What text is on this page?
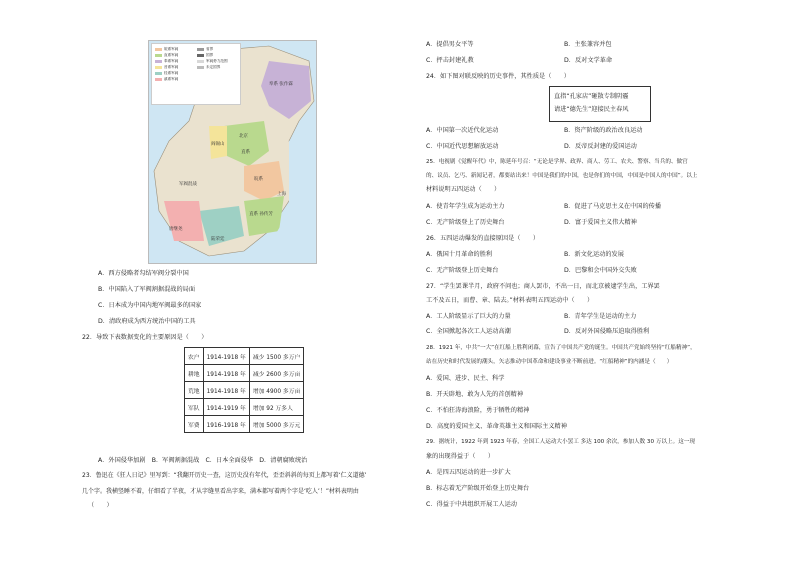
皖系军阀
直系军阀
奉系军阀
晋系军阀
桂系军阀
滇系军阀
省界
国界
军阀势力范围
未定国界
奉系 张作霖
北京
阎锡山
直系
皖系
军阀混战
直系 孙传芳
陆荣廷
上海
唐继尧
A．西方侵略者勾结军阀分裂中国
B．中国陷入了军阀割据混战的局面
C．日本成为中国内地军阀最多的国家
D．清政府成为西方统治中国的工具
22．导致下表数据变化的主要原因是（　　）
农户	1914-1918 年	减少 1500 多万户
耕地	1914-1918 年	减少 2600 多万亩
荒地	1914-1918 年	增加 4900 多万亩
军队	1914-1919 年	增加 92 万多人
军费	1916-1918 年	增加 5000 多万元
A．外国侵华加剧　B．军阀割据混战　C．日本全面侵华　D．清朝腐败统治
23．鲁迅在《狂人日记》里写到：“我翻开历史一查，这历史没有年代，歪歪斜斜的每页上都写着‘仁义道德’
几个字。我横竖睡不着，仔细看了半夜，才从字缝里看出字来，满本都写着两个字是‘吃人’！”材料表明由
（　　）
A．提倡男女平等	B．主张兼容并包
C．抨击封建礼教	D．反对文学革命
24．如下图对联反映的历史事件，其性质是（　　）
直指“孔家店”砸散专制阴霾
请进“德先生”迎接民主春风
A．中国第一次近代化运动	B．资产阶级的政治改良运动
C．中国近代思想解放运动	D．反帝反封建的爱国运动
25．电视剧《觉醒年代》中，陈延年号召：“无论是学界、政界、商人、劳工、农夫、警察、当兵的、做官
的、议员、乞丐、新闻记者，都要站出来！中国是我们的中国，也是你们的中国，中国是中国人的中国”。以上
材料说明五四运动（　　）
A．使青年学生成为运动主力	B．促进了马克思主义在中国的传播
C．无产阶级登上了历史舞台	D．富于爱国主义伟大精神
26．五四运动爆发的直接原因是（　　）
A．俄国十月革命的胜利	B．新文化运动的发展
C．无产阶级登上历史舞台	D．巴黎和会中国外交失败
27．“学生罢课半月，政府不问也；商人罢市，不出一日，而北京被逮学生出，工界罢
工不及五日，而曹、章、陆去。”材料表明五四运动中（　　）
A．工人阶级显示了巨大的力量	B．青年学生是运动的主力
C．全国掀起各次工人运动高潮	D．反对外国侵略压迫取得胜利
28．1921 年，中共“一大”在红船上胜利闭幕，宣告了中国共产党的诞生。中国共产党始终坚持“红船精神”，
站在历史和时代发展的潮头，矢志推动中国革命和建设事业不断前进。“红船精神”的内涵是（　　）
A．爱国、进步、民主、科学
B．开天辟地、敢为人先的首创精神
C．不怕狂涛海浪险，勇于牺牲的精神
D．高度的爱国主义、革命英雄主义和国际主义精神
29．据统计，1922 年到 1923 年春，全国工人运动大小罢工 多达 100 余次，参加人数 30 万以上。这一现
象的出现得益于（　　）
A．是四五四运动的进一步扩大
B．标志着无产阶级开始登上历史舞台
C．得益于中共组织开展工人运动
